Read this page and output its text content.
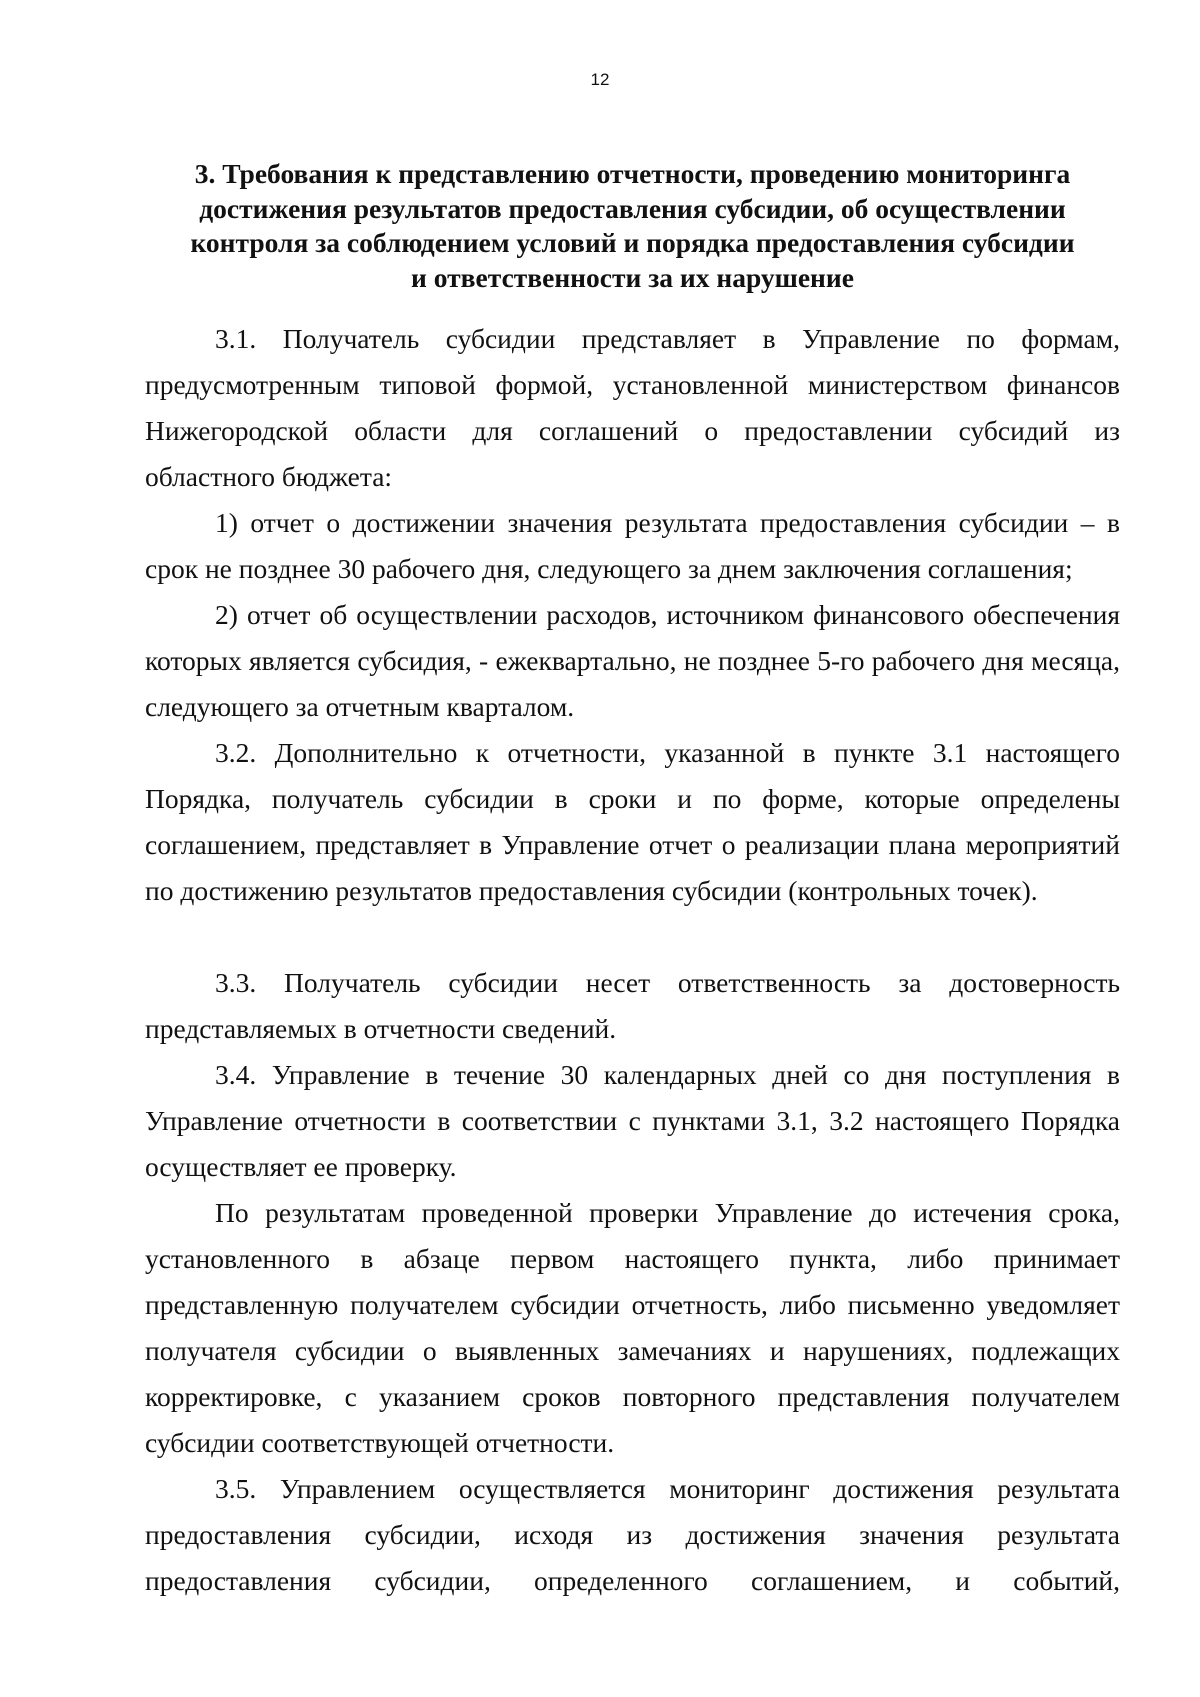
12
3. Требования к представлению отчетности, проведению мониторинга
достижения результатов предоставления субсидии, об осуществлении
контроля за соблюдением условий и порядка предоставления субсидии
и ответственности за их нарушение

3.1. Получатель субсидии представляет в Управление по формам, предусмотренным типовой формой, установленной министерством финансов Нижегородской области для соглашений о предоставлении субсидий из областного бюджета:

1) отчет о достижении значения результата предоставления субсидии – в срок не позднее 30 рабочего дня, следующего за днем заключения соглашения;

2) отчет об осуществлении расходов, источником финансового обеспечения которых является субсидия, - ежеквартально, не позднее 5-го рабочего дня месяца, следующего за отчетным кварталом.

3.2. Дополнительно к отчетности, указанной в пункте 3.1 настоящего Порядка, получатель субсидии в сроки и по форме, которые определены соглашением, представляет в Управление отчет о реализации плана мероприятий по достижению результатов предоставления субсидии (контрольных точек).

3.3. Получатель субсидии несет ответственность за достоверность представляемых в отчетности сведений.

3.4. Управление в течение 30 календарных дней со дня поступления в Управление отчетности в соответствии с пунктами 3.1, 3.2 настоящего Порядка осуществляет ее проверку.

По результатам проведенной проверки Управление до истечения срока, установленного в абзаце первом настоящего пункта, либо принимает представленную получателем субсидии отчетность, либо письменно уведомляет получателя субсидии о выявленных замечаниях и нарушениях, подлежащих корректировке, с указанием сроков повторного представления получателем субсидии соответствующей отчетности.

3.5. Управлением осуществляется мониторинг достижения результата предоставления субсидии, исходя из достижения значения результата предоставления субсидии, определенного соглашением, и событий,
